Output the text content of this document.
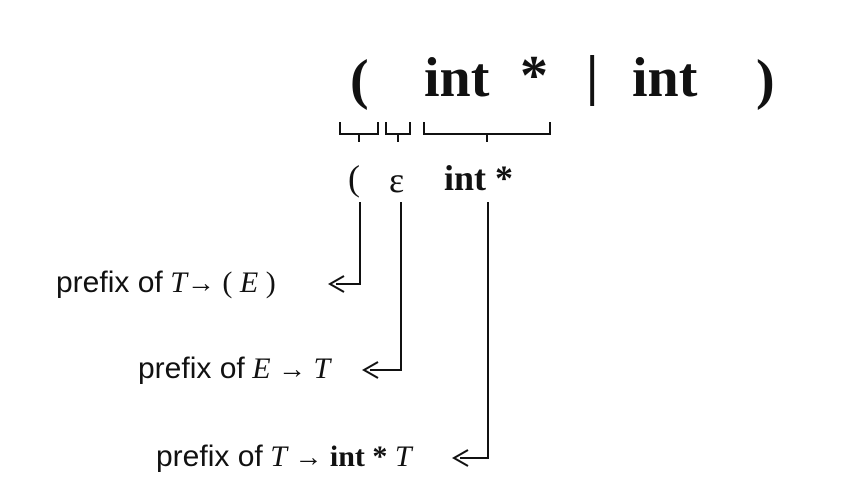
( int * | int )
( ε int *
prefix of T→ ( E )
prefix of E → T
prefix of T → int * T
